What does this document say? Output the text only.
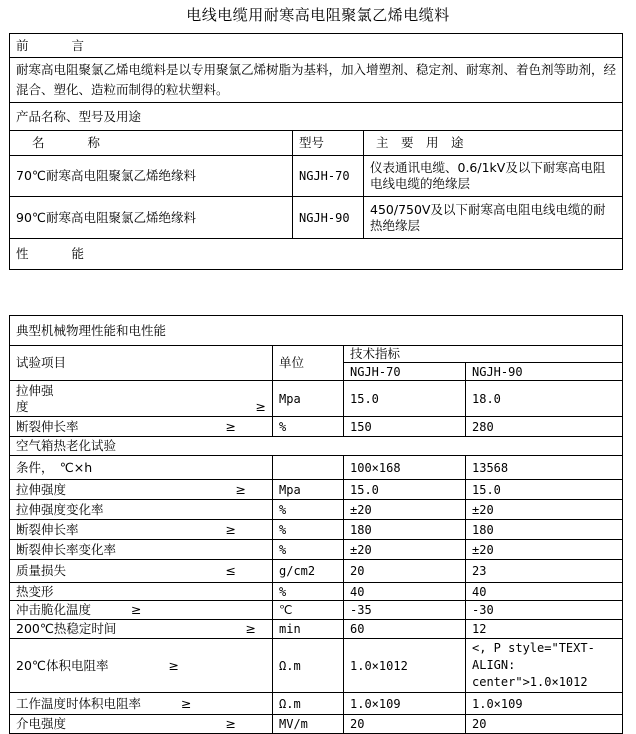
电线电缆用耐寒高电阻聚氯乙烯电缆料
前　　言		
耐寒高电阻聚氯乙烯电缆料是以专用聚氯乙烯树脂为基料，加入增塑剂、稳定剂、耐寒剂、着色剂等助剂，经混合、塑化、造粒而制得的粒状塑料。		
产品名称、型号及用途		
名　　称	型号	主　要　用　途
70℃耐寒高电阻聚氯乙烯绝缘料	NGJH-70	仪表通讯电缆、0.6/1kV及以下耐寒高电阻电线电缆的绝缘层
90℃耐寒高电阻聚氯乙烯绝缘料	NGJH-90	450/750V及以下耐寒高电阻电线电缆的耐热绝缘层
性　　能		
典型机械物理性能和电性能			
试验项目	单位	技术指标	
		NGJH-70	NGJH-90

拉伸强
度 ≥	Mpa	15.0	18.0
断裂伸长率 ≥	%	150	280
空气箱热老化试验			
条件，　℃×h		100×168	13568
拉伸强度 ≥	Mpa	15.0	15.0
拉伸强度变化率	%	±20	±20
断裂伸长率 ≥	%	180	180
断裂伸长率变化率	%	±20	±20
质量损失 ≤	g/cm2	20	23
热变形	%	40	40
冲击脆化温度 ≥	℃	-35	-30
200℃热稳定时间 ≥	min	60	12
20℃体积电阻率 ≥	Ω.m	1.0×1012	<, P style="TEXT-ALIGN: center">1.0×1012
工作温度时体积电阻率 ≥	Ω.m	1.0×109	1.0×109
介电强度 ≥	MV/m	20	20
